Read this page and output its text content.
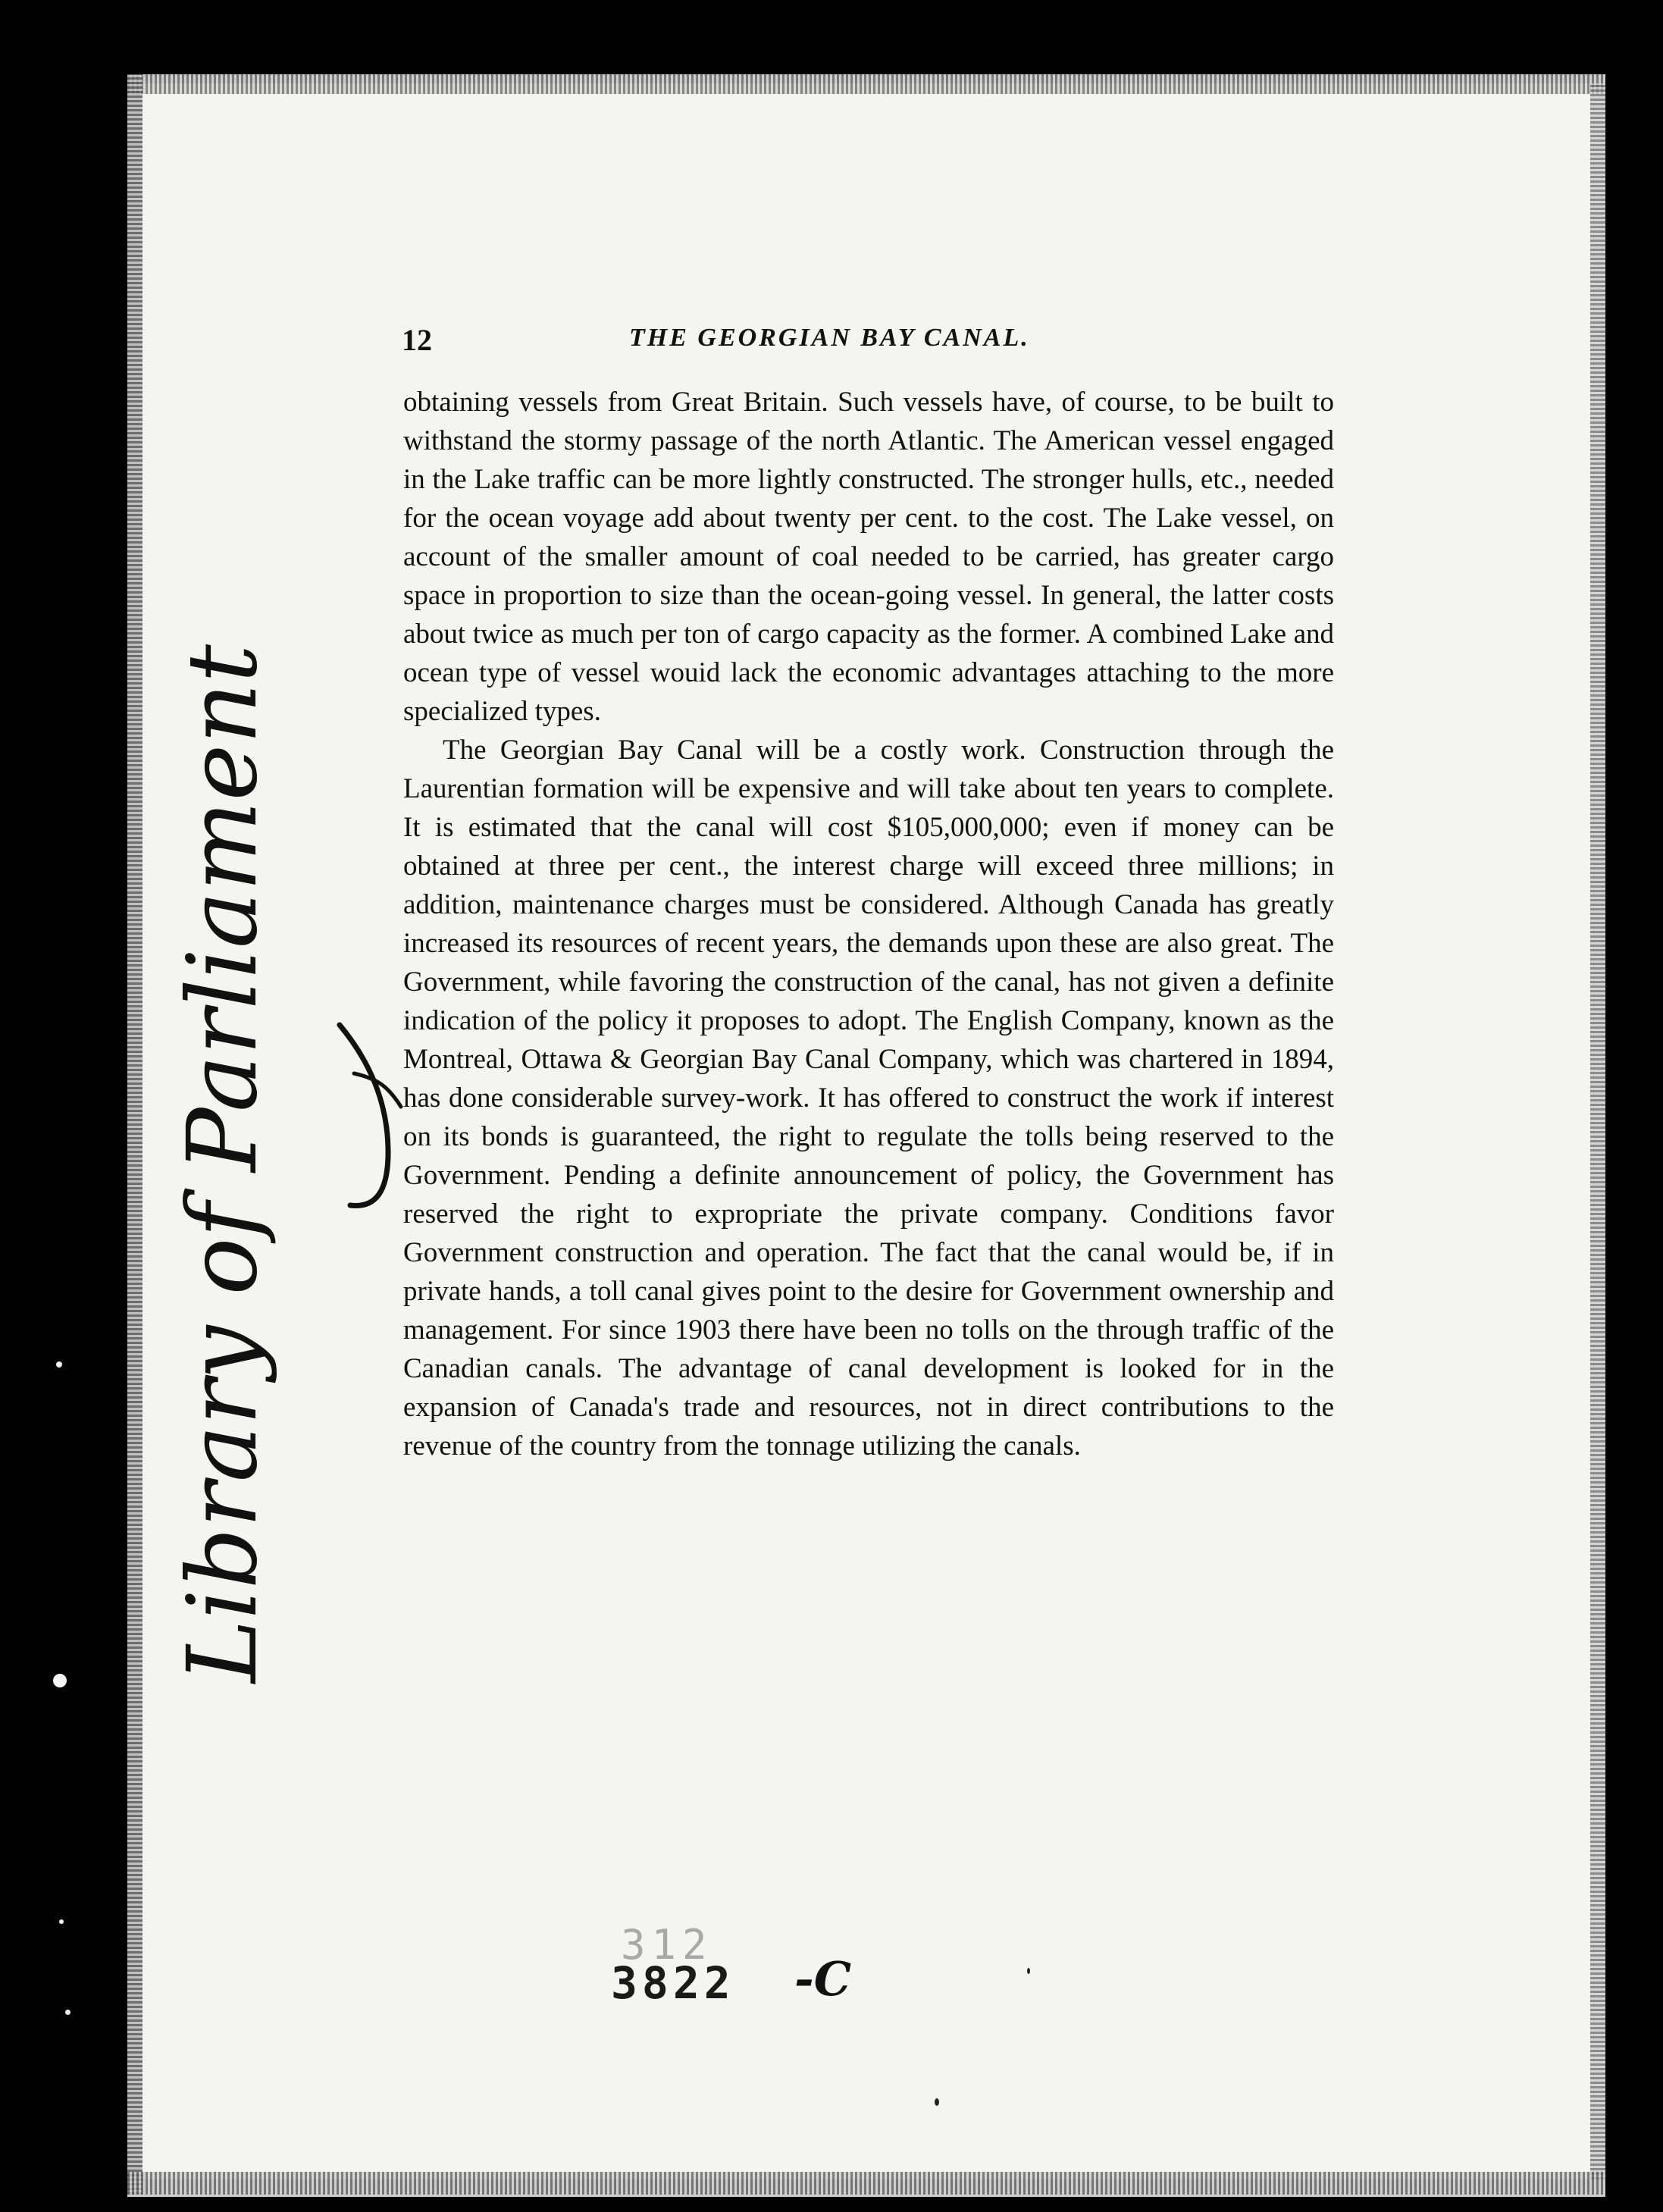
12	THE GEORGIAN BAY CANAL.

obtaining vessels from Great Britain. Such vessels have, of course, to be built to withstand the stormy passage of the north Atlantic. The American vessel engaged in the Lake traffic can be more lightly constructed. The stronger hulls, etc., needed for the ocean voyage add about twenty per cent. to the cost. The Lake vessel, on account of the smaller amount of coal needed to be carried, has greater cargo space in proportion to size than the ocean-going vessel. In general, the latter costs about twice as much per ton of cargo capacity as the former. A combined Lake and ocean type of vessel wouid lack the economic advantages attaching to the more specialized types.

The Georgian Bay Canal will be a costly work. Construction through the Laurentian formation will be expensive and will take about ten years to complete. It is estimated that the canal will cost $105,000,000; even if money can be obtained at three per cent., the interest charge will exceed three millions; in addition, maintenance charges must be considered. Although Canada has greatly increased its resources of recent years, the demands upon these are also great. The Government, while favoring the construction of the canal, has not given a definite indication of the policy it proposes to adopt. The English Company, known as the Montreal, Ottawa & Georgian Bay Canal Company, which was chartered in 1894, has done considerable survey-work. It has offered to construct the work if interest on its bonds is guaranteed, the right to regulate the tolls being reserved to the Government. Pending a definite announcement of policy, the Government has reserved the right to expropriate the private company. Conditions favor Government construction and operation. The fact that the canal would be, if in private hands, a toll canal gives point to the desire for Government ownership and management. For since 1903 there have been no tolls on the through traffic of the Canadian canals. The advantage of canal development is looked for in the expansion of Canada's trade and resources, not in direct contributions to the revenue of the country from the tonnage utilizing the canals.

Library of Parliament
312
3822 -C
